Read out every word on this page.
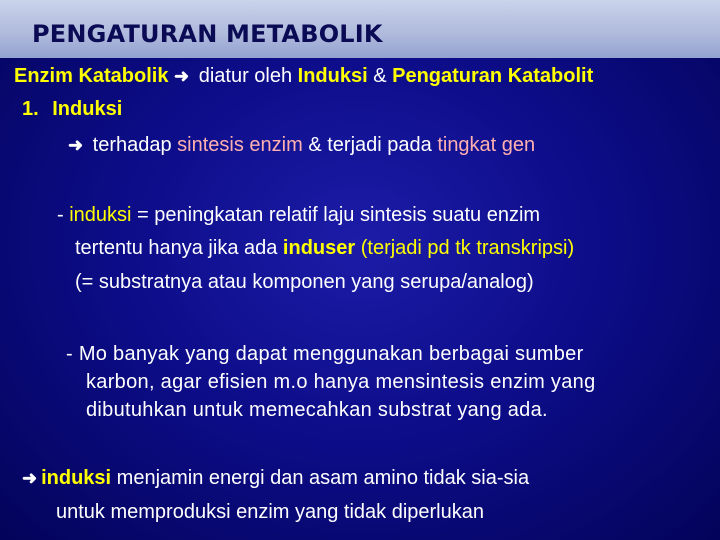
PENGATURAN METABOLIK
Enzim Katabolik ➜ diatur oleh Induksi & Pengaturan Katabolit
1. Induksi
➜ terhadap sintesis enzim & terjadi pada tingkat gen
- induksi = peningkatan relatif laju sintesis suatu enzim
tertentu hanya jika ada induser (terjadi pd tk transkripsi)
(= substratnya atau komponen yang serupa/analog)
- Mo banyak yang dapat menggunakan berbagai sumber
karbon, agar efisien m.o hanya mensintesis enzim yang
dibutuhkan untuk memecahkan substrat yang ada.
➜ induksi menjamin energi dan asam amino tidak sia-sia
untuk memproduksi enzim yang tidak diperlukan
